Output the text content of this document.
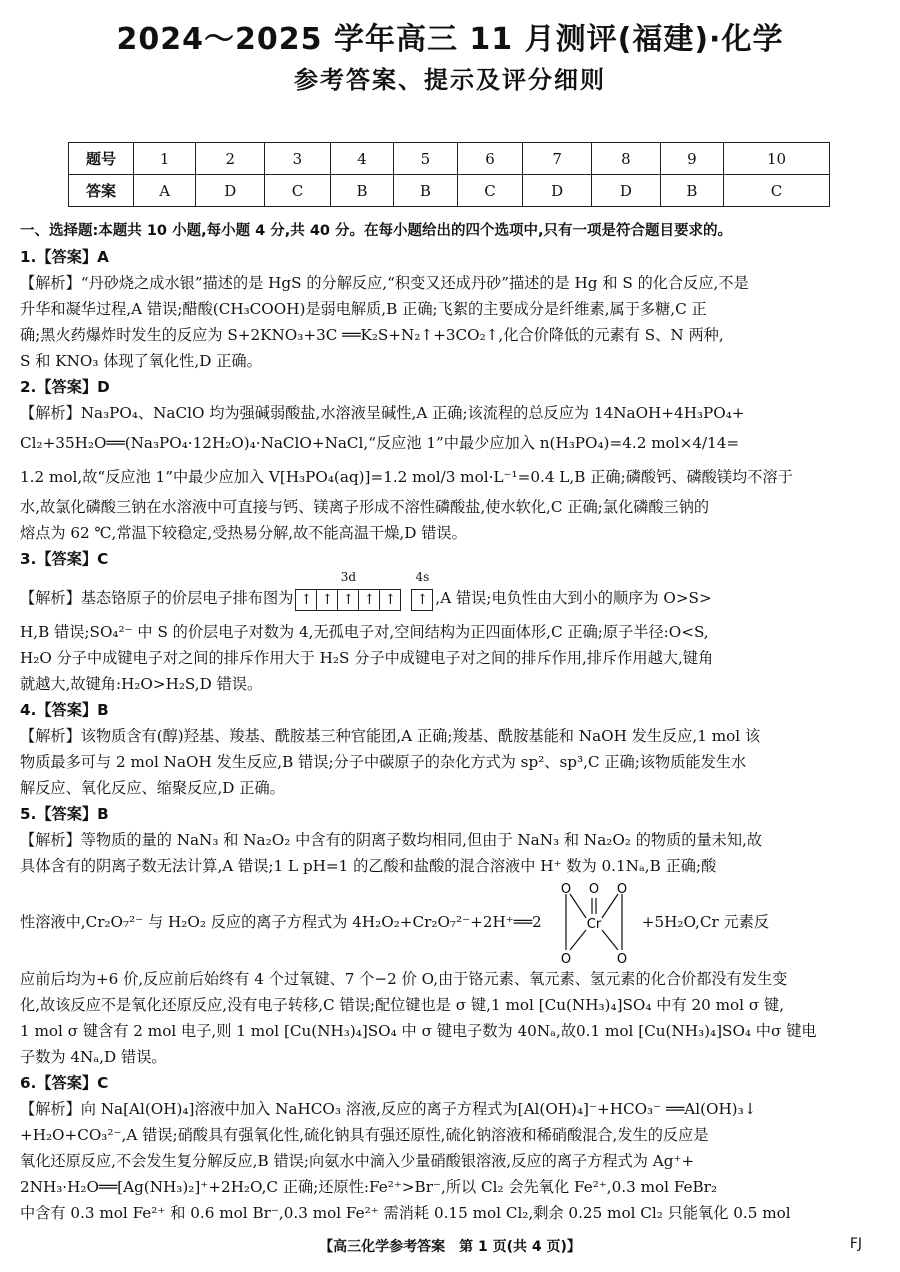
2024～2025 学年高三 11 月测评(福建)·化学
参考答案、提示及评分细则
题号	1	2	3	4	5	6	7	8	9	10
答案	A	D	C	B	B	C	D	D	B	C

一、选择题:本题共 10 小题,每小题 4 分,共 40 分。在每小题给出的四个选项中,只有一项是符合题目要求的。

1.【答案】A

【解析】“丹砂烧之成水银”描述的是 HgS 的分解反应,“积变又还成丹砂”描述的是 Hg 和 S 的化合反应,不是

升华和凝华过程,A 错误;醋酸(CH₃COOH)是弱电解质,B 正确;飞絮的主要成分是纤维素,属于多糖,C 正

确;黑火药爆炸时发生的反应为 S+2KNO₃+3C ══K₂S+N₂↑+3CO₂↑,化合价降低的元素有 S、N 两种,

S 和 KNO₃ 体现了氧化性,D 正确。

2.【答案】D

【解析】Na₃PO₄、NaClO 均为强碱弱酸盐,水溶液呈碱性,A 正确;该流程的总反应为 14NaOH+4H₃PO₄+

Cl₂+35H₂O══(Na₃PO₄·12H₂O)₄·NaClO+NaCl,“反应池 1”中最少应加入 n(H₃PO₄)=4.2 mol×4/14=

1.2 mol,故“反应池 1”中最少应加入 V[H₃PO₄(aq)]=1.2 mol/3 mol·L⁻¹=0.4 L,B 正确;磷酸钙、磷酸镁均不溶于

水,故氯化磷酸三钠在水溶液中可直接与钙、镁离子形成不溶性磷酸盐,使水软化,C 正确;氯化磷酸三钠的

熔点为 62 ℃,常温下较稳定,受热易分解,故不能高温干燥,D 错误。

3.【答案】C

【解析】基态铬原子的价层电子排布图为
3d
↑ ↑ ↑ ↑ ↑
4s
↑ ,A 错误;电负性由大到小的顺序为 O>S>

H,B 错误;SO₄²⁻ 中 S 的价层电子对数为 4,无孤电子对,空间结构为正四面体形,C 正确;原子半径:O<S,

H₂O 分子中成键电子对之间的排斥作用大于 H₂S 分子中成键电子对之间的排斥作用,排斥作用越大,键角

就越大,故键角:H₂O>H₂S,D 错误。

4.【答案】B

【解析】该物质含有(醇)羟基、羧基、酰胺基三种官能团,A 正确;羧基、酰胺基能和 NaOH 发生反应,1 mol 该

物质最多可与 2 mol NaOH 发生反应,B 错误;分子中碳原子的杂化方式为 sp²、sp³,C 正确;该物质能发生水

解反应、氧化反应、缩聚反应,D 正确。

5.【答案】B

【解析】等物质的量的 NaN₃ 和 Na₂O₂ 中含有的阴离子数均相同,但由于 NaN₃ 和 Na₂O₂ 的物质的量未知,故

具体含有的阴离子数无法计算,A 错误;1 L pH=1 的乙酸和盐酸的混合溶液中 H⁺ 数为 0.1Nₐ,B 正确;酸

性溶液中,Cr₂O₇²⁻ 与 H₂O₂ 反应的离子方程式为 4H₂O₂+Cr₂O₇²⁻+2H⁺══2
O
O	O
O	O
Cr	+5H₂O,Cr 元素反

应前后均为+6 价,反应前后始终有 4 个过氧键、7 个−2 价 O,由于铬元素、氧元素、氢元素的化合价都没有发生变

化,故该反应不是氧化还原反应,没有电子转移,C 错误;配位键也是 σ 键,1 mol [Cu(NH₃)₄]SO₄ 中有 20 mol σ 键,

1 mol σ 键含有 2 mol 电子,则 1 mol [Cu(NH₃)₄]SO₄ 中 σ 键电子数为 40Nₐ,故0.1 mol [Cu(NH₃)₄]SO₄ 中σ 键电

子数为 4Nₐ,D 错误。

6.【答案】C

【解析】向 Na[Al(OH)₄]溶液中加入 NaHCO₃ 溶液,反应的离子方程式为[Al(OH)₄]⁻+HCO₃⁻ ══Al(OH)₃↓

+H₂O+CO₃²⁻,A 错误;硝酸具有强氧化性,硫化钠具有强还原性,硫化钠溶液和稀硝酸混合,发生的反应是

氧化还原反应,不会发生复分解反应,B 错误;向氨水中滴入少量硝酸银溶液,反应的离子方程式为 Ag⁺+

2NH₃·H₂O══[Ag(NH₃)₂]⁺+2H₂O,C 正确;还原性:Fe²⁺>Br⁻,所以 Cl₂ 会先氧化 Fe²⁺,0.3 mol FeBr₂

中含有 0.3 mol Fe²⁺ 和 0.6 mol Br⁻,0.3 mol Fe²⁺ 需消耗 0.15 mol Cl₂,剩余 0.25 mol Cl₂ 只能氧化 0.5 mol

【高三化学参考答案　第 1 页(共 4 页)】	FJ
